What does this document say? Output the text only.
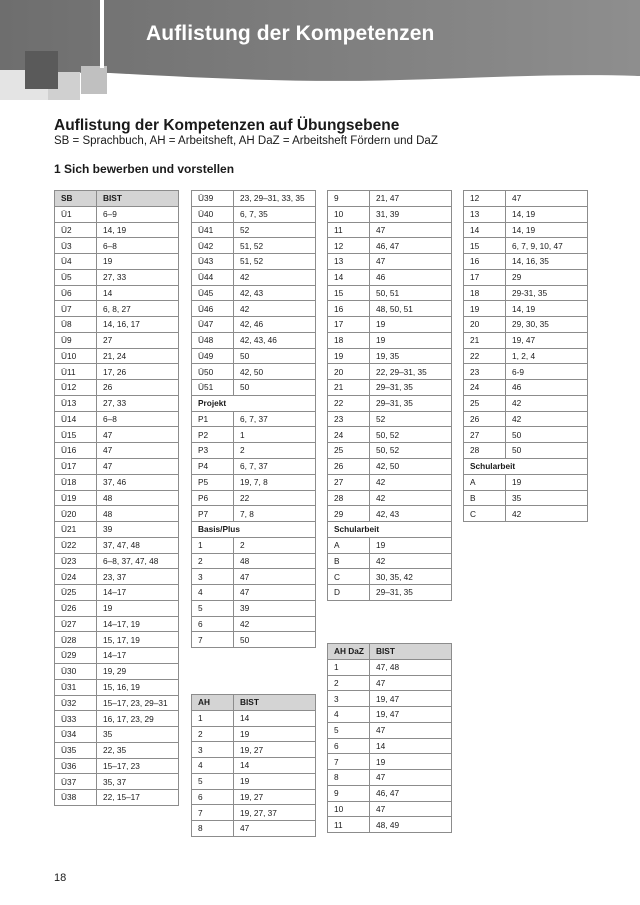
Auflistung der Kompetenzen
Auflistung der Kompetenzen auf Übungsebene
SB = Sprachbuch, AH = Arbeitsheft, AH DaZ = Arbeitsheft Fördern und DaZ
1 Sich bewerben und vorstellen
SB	BIST
Ü1	6–9
Ü2	14, 19
Ü3	6–8
Ü4	19
Ü5	27, 33
Ü6	14
Ü7	6, 8, 27
Ü8	14, 16, 17
Ü9	27
Ü10	21, 24
Ü11	17, 26
Ü12	26
Ü13	27, 33
Ü14	6–8
Ü15	47
Ü16	47
Ü17	47
Ü18	37, 46
Ü19	48
Ü20	48
Ü21	39
Ü22	37, 47, 48
Ü23	6–8, 37, 47, 48
Ü24	23, 37
Ü25	14–17
Ü26	19
Ü27	14–17, 19
Ü28	15, 17, 19
Ü29	14–17
Ü30	19, 29
Ü31	15, 16, 19
Ü32	15–17, 23, 29–31
Ü33	16, 17, 23, 29
Ü34	35
Ü35	22, 35
Ü36	15–17, 23
Ü37	35, 37
Ü38	22, 15–17
Ü39	23, 29–31, 33, 35
Ü40	6, 7, 35
Ü41	52
Ü42	51, 52
Ü43	51, 52
Ü44	42
Ü45	42, 43
Ü46	42
Ü47	42, 46
Ü48	42, 43, 46
Ü49	50
Ü50	42, 50
Ü51	50
Projekt	
P1	6, 7, 37
P2	1
P3	2
P4	6, 7, 37
P5	19, 7, 8
P6	22
P7	7, 8
Basis/Plus	
1	2
2	48
3	47
4	47
5	39
6	42
7	50
AH	BIST
1	14
2	19
3	19, 27
4	14
5	19
6	19, 27
7	19, 27, 37
8	47
9	21, 47
10	31, 39
11	47
12	46, 47
13	47
14	46
15	50, 51
16	48, 50, 51
17	19
18	19
19	19, 35
20	22, 29–31, 35
21	29–31, 35
22	29–31, 35
23	52
24	50, 52
25	50, 52
26	42, 50
27	42
28	42
29	42, 43
Schularbeit	
A	19
B	42
C	30, 35, 42
D	29–31, 35
AH DaZ	BIST
1	47, 48
2	47
3	19, 47
4	19, 47
5	47
6	14
7	19
8	47
9	46, 47
10	47
11	48, 49
12	47
13	14, 19
14	14, 19
15	6, 7, 9, 10, 47
16	14, 16, 35
17	29
18	29-31, 35
19	14, 19
20	29, 30, 35
21	19, 47
22	1, 2, 4
23	6-9
24	46
25	42
26	42
27	50
28	50
Schularbeit	
A	19
B	35
C	42
18
